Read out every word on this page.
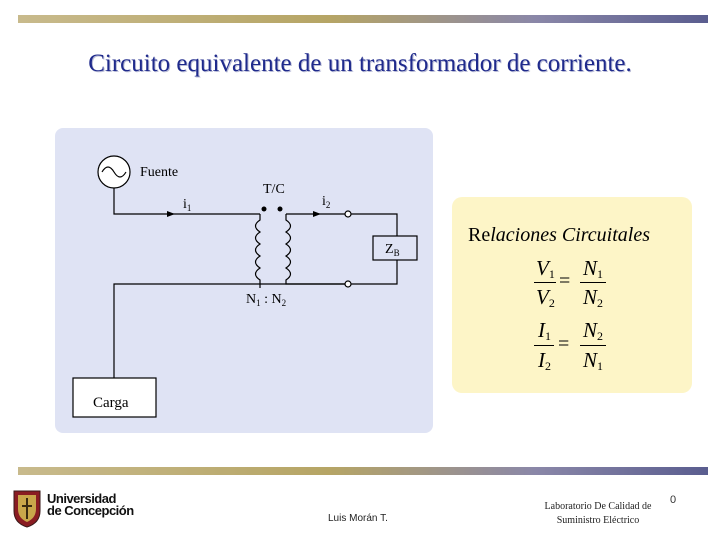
Circuito equivalente de un transformador de corriente.
Fuente
T/C
$i_1$	$i_2$
$Z_B$
$N_1$ : $N_2$
Carga
Relaciones Circuitales
$V_1$
$V_2$
=
$N_1$
$N_2$
$I_1$
$I_2$
=
$N_2$
$N_1$
Universidad
de Concepción
Luis Morán T.
Laboratorio De Calidad de
Suministro Eléctrico
0
